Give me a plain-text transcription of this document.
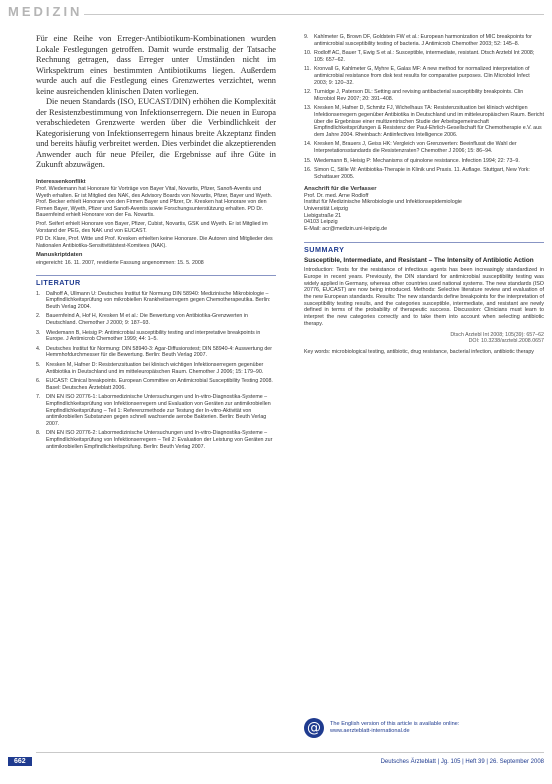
MEDIZIN

Für eine Reihe von Erreger-Antibiotikum-Kombinationen wurden Lokale Festlegungen getroffen. Damit wurde erstmalig der Tatsache Rechnung getragen, dass Erreger unter Umständen nicht im Wirkspektrum eines bestimmten Antibiotikums liegen. Außerdem wurde auch auf die Festlegung eines Grenzwertes verzichtet, wenn keine ausreichenden klinischen Daten vorliegen.

Die neuen Standards (ISO, EUCAST/DIN) erhöhen die Komplexität der Resistenzbestimmung von Infektionserregern. Die neuen in Europa verabschiedeten Grenzwerte werden über die Verbindlichkeit der Kategorisierung von Infektionserregern hinaus breite Akzeptanz finden und bereits häufig verbreitet werden. Dies verbindet die akzeptierenden Anwender auch für neue Pfeiler, die Ergebnisse auf ihre Güte in Zukunft abzuwägen.

Interessenkonflikt
Prof. Wiedemann hat Honorare für Vorträge von Bayer Vital, Novartis, Pfizer, Sanofi-Aventis und Wyeth erhalten. Er ist Mitglied des NAK, des Advisory Boards von Novartis, Pfizer, Bayer und Wyeth. Prof. Becker erhielt Honorare von den Firmen Bayer und Pfizer, Dr. Kresken hat Honorare von den Firmen Bayer, Wyeth, Pfizer und Sanofi-Aventis sowie Forschungsunterstützung erhalten. PD Dr. Bauernfeind erhielt Honorare von der Fa. Novartis.
Prof. Seifert erhielt Honorare von Bayer, Pfizer, Cubist, Novartis, GSK und Wyeth. Er ist Mitglied im Vorstand der PEG, des NAK und von EUCAST.
PD Dr. Klare, Prof. Witte und Prof. Kresken erhielten keine Honorare. Die Autoren sind Mitglieder des Nationalen Antibiotika-Sensitivitätstest-Komitees (NAK).
Manuskriptdaten
eingereicht: 16. 11. 2007, revidierte Fassung angenommen: 15. 5. 2008
LITERATUR
1. Dalhoff A, Ullmann U: Deutsches Institut für Normung DIN 58940: Medizinische Mikrobiologie – Empfindlichkeitsprüfung von mikrobiellen Krankheitserregern gegen Chemotherapeutika. Berlin: Beuth Verlag 2004.
2. Bauernfeind A, Hof H, Kresken M et al.: Die Bewertung von Antibiotika-Grenzwerten in Deutschland. Chemother J 2000; 9: 187–93.
3. Wiedemann B, Heisig P: Antimicrobial susceptibility testing and interpretative breakpoints in Europe. J Antimicrob Chemother 1999; 44: 1–5.
4. Deutsches Institut für Normung: DIN 58940-3: Agar-Diffusionstest; DIN 58940-4: Auswertung der Hemmhofdurchmesser für die Bewertung. Berlin: Beuth Verlag 2007.
5. Kresken M, Hafner D: Resistenzsituation bei klinisch wichtigen Infektionserregern gegenüber Antibiotika in Deutschland und im mitteleuropäischen Raum. Chemother J 2006; 15: 179–90.
6. EUCAST: Clinical breakpoints. European Committee on Antimicrobial Susceptibility Testing 2008. Basel: Deutsches Ärzteblatt 2006.
7. DIN EN ISO 20776-1: Labormedizinische Untersuchungen und In-vitro-Diagnostika-Systeme – Empfindlichkeitsprüfung von Infektionserregern und Evaluation von Geräten zur antimikrobiellen Empfindlichkeitsprüfung – Teil 1: Referenzmethode zur Testung der In-vitro-Aktivität von antimikrobiellen Substanzen gegen schnell wachsende aerobe Bakterien. Berlin: Beuth Verlag 2007.
8. DIN EN ISO 20776-2: Labormedizinische Untersuchungen und In-vitro-Diagnostika-Systeme – Empfindlichkeitsprüfung von Infektionserregern – Teil 2: Evaluation der Leistung von Geräten zur antimikrobiellen Empfindlichkeitsprüfung. Berlin: Beuth Verlag 2007.
9. Kahlmeter G, Brown DF, Goldstein FW et al.: European harmonization of MIC breakpoints for antimicrobial susceptibility testing of bacteria. J Antimicrob Chemother 2003; 52: 145–8.
10. Rodloff AC, Bauer T, Ewig S et al.: Susceptible, intermediate, resistant. Dtsch Arztebl Int 2008; 105: 657–62.
11. Kronvall G, Kahlmeter G, Myhre E, Galas MF: A new method for normalized interpretation of antimicrobial resistance from disk test results for comparative purposes. Clin Microbiol Infect 2003; 9: 120–32.
12. Turnidge J, Paterson DL: Setting and revising antibacterial susceptibility breakpoints. Clin Microbiol Rev 2007; 20: 391–408.
13. Kresken M, Hafner D, Schmitz FJ, Wichelhaus TA: Resistenzsituation bei klinisch wichtigen Infektionserregern gegenüber Antibiotika in Deutschland und im mitteleuropäischen Raum. Bericht über die Ergebnisse einer multizentrischen Studie der Arbeitsgemeinschaft Empfindlichkeitsprüfungen & Resistenz der Paul-Ehrlich-Gesellschaft für Chemotherapie e.V. aus dem Jahre 2004. Rheinbach: Antiinfectives Intelligence 2006.
14. Kresken M, Brauers J, Geiss HK: Vergleich von Grenzwerten: Beeinflusst die Wahl der Interpretationsstandards die Resistenzraten? Chemother J 2006; 15: 86–94.
15. Wiedemann B, Heisig P: Mechanisms of quinolone resistance. Infection 1994; 22: 73–9.
16. Simon C, Stille W: Antibiotika-Therapie in Klinik und Praxis. 11. Auflage. Stuttgart, New York: Schattauer 2005.
Anschrift für die Verfasser
Prof. Dr. med. Arne Rodloff
Institut für Medizinische Mikrobiologie und Infektionsepidemiologie
Universität Leipzig
Liebigstraße 21
04103 Leipzig
E-Mail: acr@medizin.uni-leipzig.de
SUMMARY
Susceptible, Intermediate, and Resistant – The Intensity of Antibiotic Action
Introduction: Tests for the resistance of infectious agents has been increasingly standardized in Europe in recent years. Previously, the DIN standard for antimicrobial susceptibility testing was widely applied in Germany, whereas other countries used national systems. The new standards (ISO 20776, EUCAST) are now being introduced. Methods: Selective literature review and evaluation of the new European standards. Results: The new standards define breakpoints for the interpretation of susceptibility testing results, and the categories susceptible, intermediate, and resistant are newly defined in terms of the probability of therapeutic success. Discussion: Clinicians must learn to interpret the new categories correctly and to take them into account when selecting antibiotic therapy.
Dtsch Arztebl Int 2008; 105(39): 657–62
DOI: 10.3238/arztebl.2008.0657
Key words: microbiological testing, antibiotic, drug resistance, bacterial infection, antibiotic therapy
@	The English version of this article is available online:
www.aerzteblatt-international.de
662	Deutsches Ärzteblatt | Jg. 105 | Heft 39 | 26. September 2008
